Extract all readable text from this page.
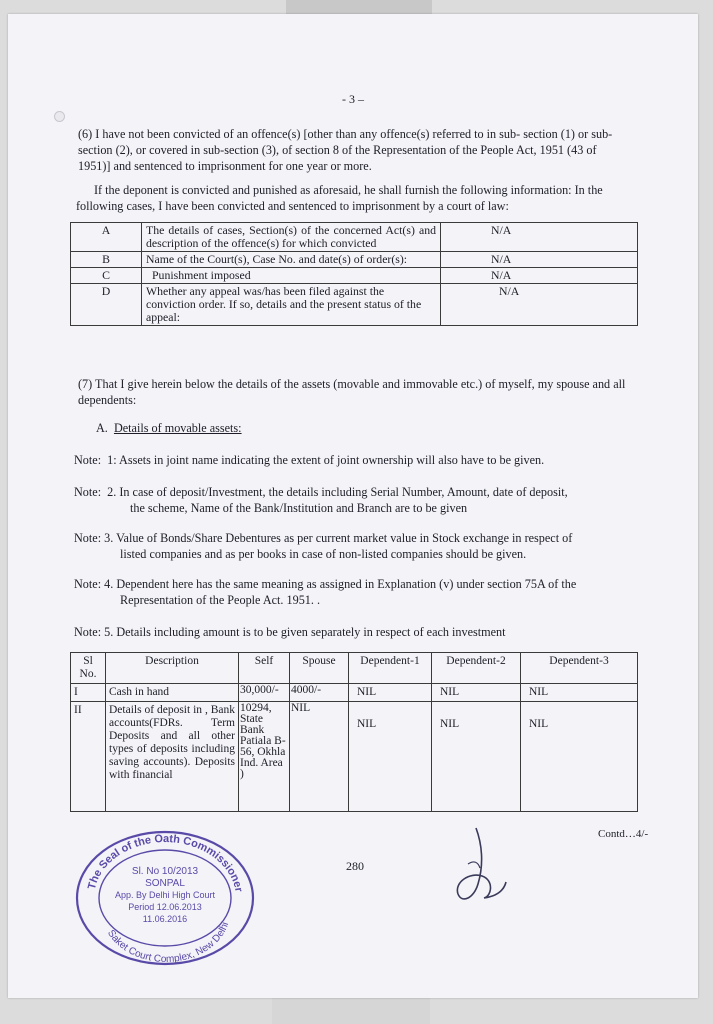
- 3 –

(6) I have not been convicted of an offence(s) [other than any offence(s) referred to in sub- section (1) or sub-section (2), or covered in sub-section (3), of section 8 of the Representation of the People Act, 1951 (43 of 1951)] and sentenced to imprisonment for one year or more.

If the deponent is convicted and punished as aforesaid, he shall furnish the following information: In the following cases, I have been convicted and sentenced to imprisonment by a court of law:

A	The details of cases, Section(s) of the concerned Act(s) and description of the offence(s) for which convicted	N/A
B	Name of the Court(s), Case No. and date(s) of order(s):	N/A
C	Punishment imposed	N/A
D	Whether any appeal was/has been filed against the conviction order. If so, details and the present status of the appeal:	N/A

(7) That I give herein below the details of the assets (movable and immovable etc.) of myself, my spouse and all dependents:

A. Details of movable assets:
Note: 1: Assets in joint name indicating the extent of joint ownership will also have to be given.
Note: 2. In case of deposit/Investment, the details including Serial Number, Amount, date of deposit,
the scheme, Name of the Bank/Institution and Branch are to be given
Note: 3. Value of Bonds/Share Debentures as per current market value in Stock exchange in respect of
listed companies and as per books in case of non-listed companies should be given.
Note: 4. Dependent here has the same meaning as assigned in Explanation (v) under section 75A of the
Representation of the People Act. 1951. .
Note: 5. Details including amount is to be given separately in respect of each investment
Sl No.	Description	Self	Spouse	Dependent-1	Dependent-2	Dependent-3
I	Cash in hand	30,000/-	4000/-	NIL	NIL	NIL
II	Details of deposit in , Bank accounts(FDRs. Term Deposits and all other types of deposits including saving accounts). Deposits with financial	10294, State Bank Patiala B-56, Okhla Ind. Area )	NIL	NIL	NIL	NIL
Contd…4/-
280
The Seal of the Oath Commissioner
Saket Court Complex, New Delhi
Sl. No 10/2013
SONPAL
App. By Delhi High Court
Period 12.06.2013
11.06.2016
